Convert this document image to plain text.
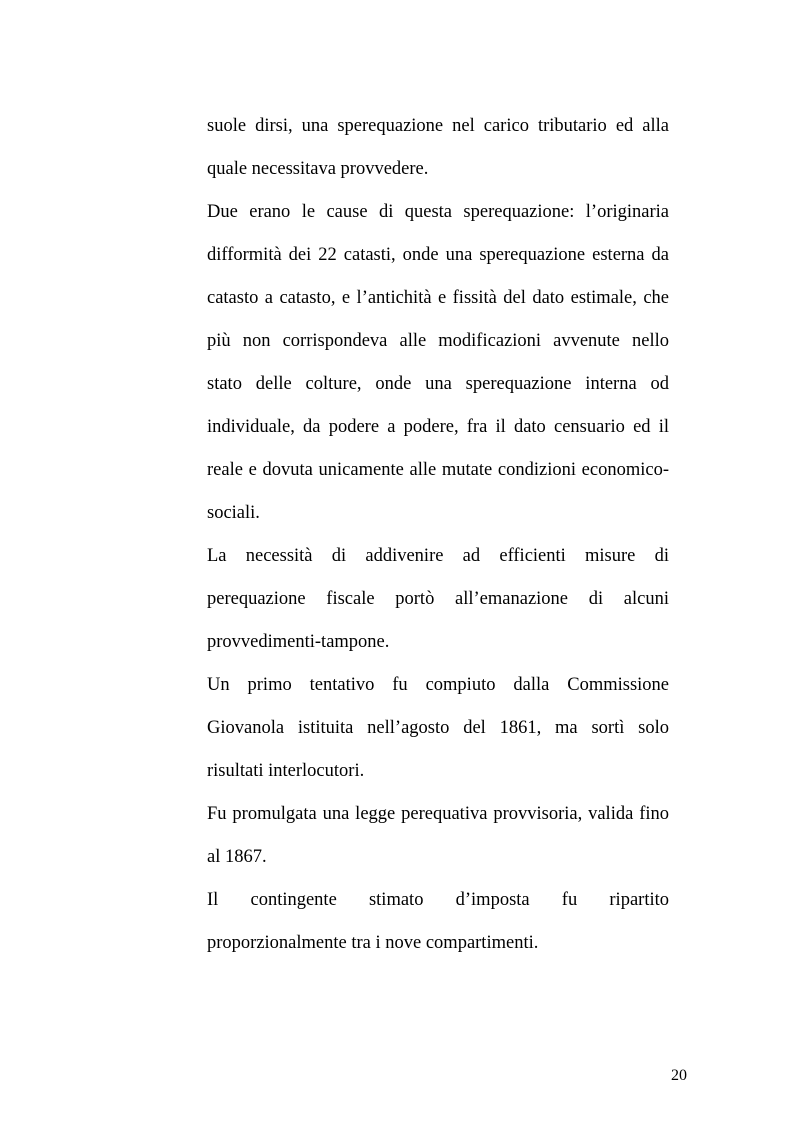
suole dirsi, una sperequazione nel carico tributario ed alla
quale necessitava provvedere.
Due erano le cause di questa sperequazione: l’originaria
difformità dei 22 catasti, onde una sperequazione esterna da
catasto a catasto, e l’antichità e fissità del dato estimale, che
più non corrispondeva alle modificazioni avvenute nello
stato delle colture, onde una sperequazione interna od
individuale, da podere a podere, fra il dato censuario ed il
reale e dovuta unicamente alle mutate condizioni economico-
sociali.
La necessità di addivenire ad efficienti misure di
perequazione fiscale portò all’emanazione di alcuni
provvedimenti-tampone.
Un primo tentativo fu compiuto dalla Commissione
Giovanola istituita nell’agosto del 1861, ma sortì solo
risultati interlocutori.
Fu promulgata una legge perequativa provvisoria, valida fino
al 1867.
Il contingente stimato d’imposta fu ripartito
proporzionalmente tra i nove compartimenti.
20
